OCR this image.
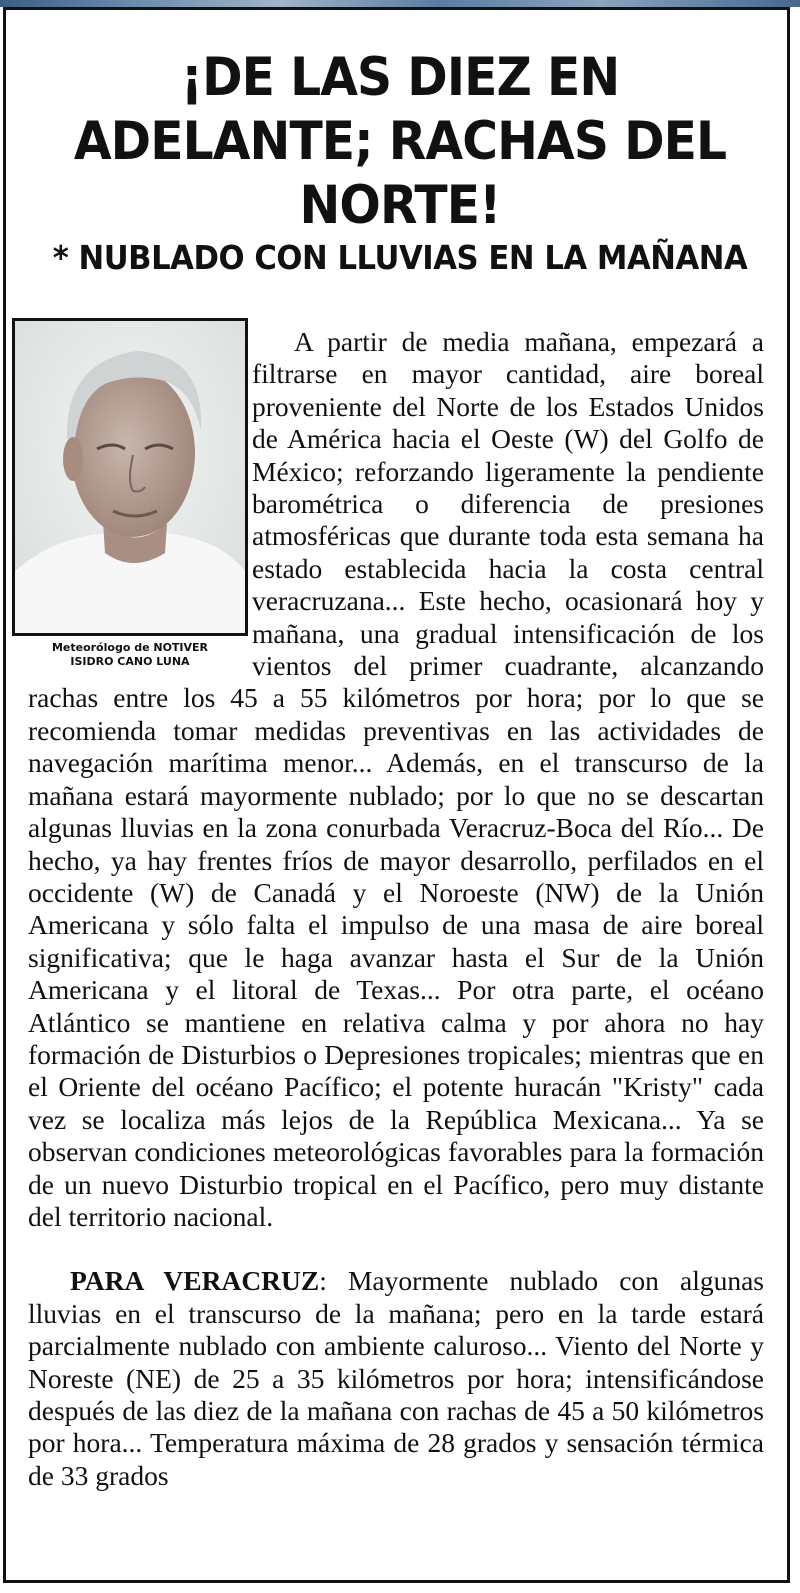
¡DE LAS DIEZ EN ADELANTE; RACHAS DEL NORTE!
* NUBLADO CON LLUVIAS EN LA MAÑANA
Meteorólogo de NOTIVER
ISIDRO CANO LUNA

A partir de media mañana, empezará a filtrarse en mayor cantidad, aire boreal proveniente del Norte de los Estados Unidos de América hacia el Oeste (W) del Golfo de México; reforzando ligeramente la pendiente barométrica o diferencia de presiones atmosféricas que durante toda esta semana ha estado establecida hacia la costa central veracruzana... Este hecho, ocasionará hoy y mañana, una gradual intensificación de los vientos del primer cuadrante, alcanzando rachas entre los 45 a 55 kilómetros por hora; por lo que se recomienda tomar medidas preventivas en las actividades de navegación marítima menor... Además, en el transcurso de la mañana estará mayormente nublado; por lo que no se descartan algunas lluvias en la zona conurbada Veracruz-Boca del Río... De hecho, ya hay frentes fríos de mayor desarrollo, perfilados en el occidente (W) de Canadá y el Noroeste (NW) de la Unión Americana y sólo falta el impulso de una masa de aire boreal significativa; que le haga avanzar hasta el Sur de la Unión Americana y el litoral de Texas... Por otra parte, el océano Atlántico se mantiene en relativa calma y por ahora no hay formación de Disturbios o Depresiones tropicales; mientras que en el Oriente del océano Pacífico; el potente huracán "Kristy" cada vez se localiza más lejos de la República Mexicana... Ya se observan condiciones meteorológicas favorables para la formación de un nuevo Disturbio tropical en el Pacífico, pero muy distante del territorio nacional.

PARA VERACRUZ: Mayormente nublado con algunas lluvias en el transcurso de la mañana; pero en la tarde estará parcialmente nublado con ambiente caluroso... Viento del Norte y Noreste (NE) de 25 a 35 kilómetros por hora; intensificándose después de las diez de la mañana con rachas de 45 a 50 kilómetros por hora... Temperatura máxima de 28 grados y sensación térmica de 33 grados
